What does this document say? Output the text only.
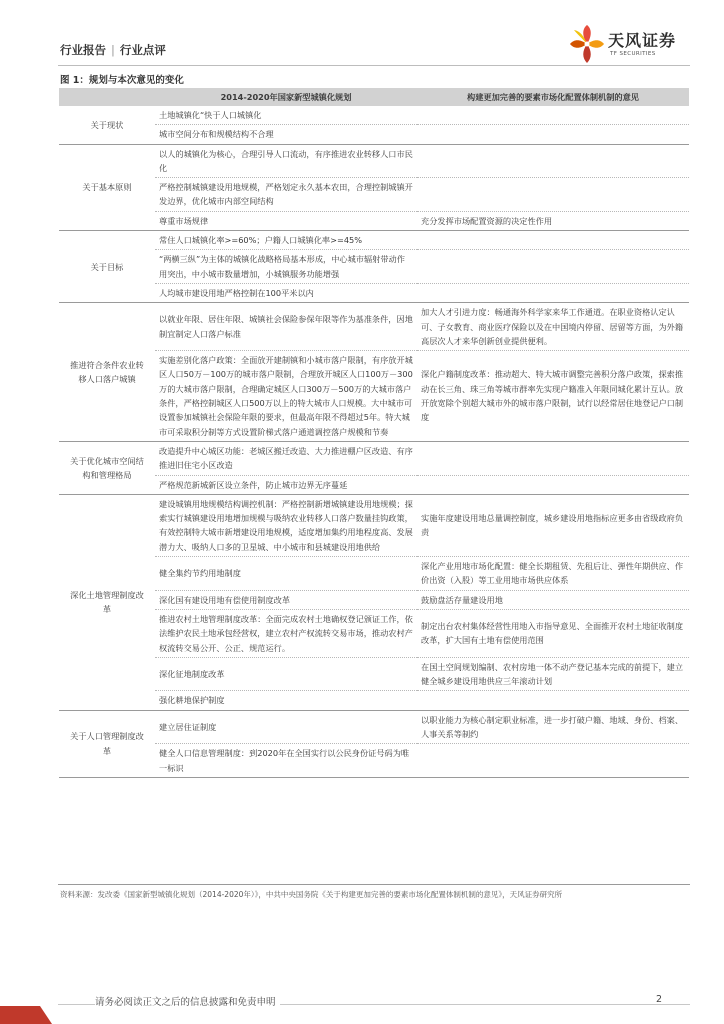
行业报告 | 行业点评	天风证券
TF SECURITIES
图 1：规划与本次意见的变化
	2014-2020年国家新型城镇化规划	构建更加完善的要素市场化配置体制机制的意见
关于现状	土地城镇化“快于人口城镇化	
	城市空间分布和规模结构不合理	
关于基本原则	以人的城镇化为核心，合理引导人口流动，有序推进农业转移人口市民化	
	严格控制城镇建设用地规模，严格划定永久基本农田，合理控制城镇开发边界，优化城市内部空间结构	
	尊重市场规律	充分发挥市场配置资源的决定性作用
关于目标	常住人口城镇化率>=60%；户籍人口城镇化率>=45%	
	“两横三纵”为主体的城镇化战略格局基本形成，中心城市辐射带动作用突出，中小城市数量增加，小城镇服务功能增强	
	人均城市建设用地严格控制在100平米以内	
推进符合条件农业转移人口落户城镇	以就业年限、居住年限、城镇社会保险参保年限等作为基准条件，因地制宜制定人口落户标准	加大人才引进力度：畅通海外科学家来华工作通道。在职业资格认定认可、子女教育、商业医疗保险以及在中国境内停留、居留等方面，为外籍高层次人才来华创新创业提供便利。
	实施差别化落户政策：全面放开建制镇和小城市落户限制，有序放开城区人口50万－100万的城市落户限制，合理放开城区人口100万－300万的大城市落户限制，合理确定城区人口300万－500万的大城市落户条件，严格控制城区人口500万以上的特大城市人口规模。大中城市可设置参加城镇社会保险年限的要求，但最高年限不得超过5年。特大城市可采取积分制等方式设置阶梯式落户通道调控落户规模和节奏	深化户籍制度改革：推动超大、特大城市调整完善积分落户政策，探索推动在长三角、珠三角等城市群率先实现户籍准入年限同城化累计互认。放开放宽除个别超大城市外的城市落户限制，试行以经常居住地登记户口制度
关于优化城市空间结构和管理格局	改造提升中心城区功能：老城区搬迁改造、大力推进棚户区改造、有序推进旧住宅小区改造	
	严格规范新城新区设立条件，防止城市边界无序蔓延	
深化土地管理制度改革	建设城镇用地规模结构调控机制：严格控制新增城镇建设用地规模；探索实行城镇建设用地增加规模与吸纳农业转移人口落户数量挂钩政策，有效控制特大城市新增建设用地规模，适度增加集约用地程度高、发展潜力大、吸纳人口多的卫星城、中小城市和县城建设用地供给	实施年度建设用地总量调控制度，城乡建设用地指标应更多由省级政府负责
	健全集约节约用地制度	深化产业用地市场化配置：健全长期租赁、先租后让、弹性年期供应、作价出资（入股）等工业用地市场供应体系
	深化国有建设用地有偿使用制度改革	鼓励盘活存量建设用地
	推进农村土地管理制度改革：全面完成农村土地确权登记颁证工作，依法维护农民土地承包经营权，建立农村产权流转交易市场，推动农村产权流转交易公开、公正、规范运行。	制定出台农村集体经营性用地入市指导意见、全面推开农村土地征收制度改革，扩大国有土地有偿使用范围
	深化征地制度改革	在国土空间规划编制、农村房地一体不动产登记基本完成的前提下，建立健全城乡建设用地供应三年滚动计划
	强化耕地保护制度	
关于人口管理制度改革	建立居住证制度	以职业能力为核心制定职业标准，进一步打破户籍、地域、身份、档案、人事关系等制约
	健全人口信息管理制度：到2020年在全国实行以公民身份证号码为唯一标识	
资料来源：发改委《国家新型城镇化规划（2014-2020年）》，中共中央国务院《关于构建更加完善的要素市场化配置体制机制的意见》，天风证券研究所
请务必阅读正文之后的信息披露和免责申明	2
